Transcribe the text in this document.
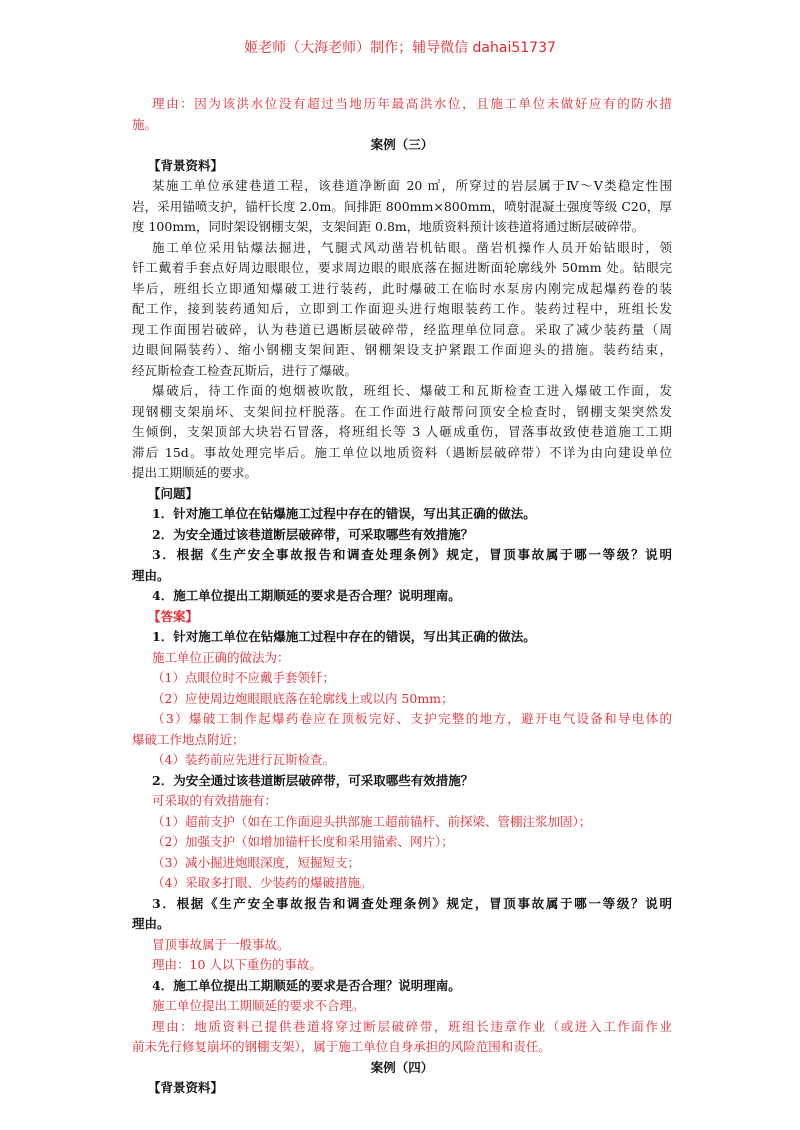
姬老师（大海老师）制作；辅导微信 dahai51737
理由：因为该洪水位没有超过当地历年最高洪水位，且施工单位未做好应有的防水措
施。
案例（三）
【背景资料】
某施工单位承建巷道工程，该巷道净断面 20 ㎡，所穿过的岩层属于Ⅳ～Ⅴ类稳定性围
岩，采用锚喷支护，锚杆长度 2.0m。间排距 800mm×800mm，喷射混凝土强度等级 C20，厚
度 100mm，同时架设钢棚支架，支架间距 0.8m，地质资料预计该巷道将通过断层破碎带。
施工单位采用钻爆法掘进，气腿式风动凿岩机钻眼。凿岩机操作人员开始钻眼时，领
钎工戴着手套点好周边眼眼位，要求周边眼的眼底落在掘进断面轮廓线外 50mm 处。钻眼完
毕后，班组长立即通知爆破工进行装药，此时爆破工在临时水泵房内刚完成起爆药卷的装
配工作，接到装药通知后，立即到工作面迎头进行炮眼装药工作。装药过程中，班组长发
现工作面围岩破碎，认为巷道已遇断层破碎带，经监理单位同意。采取了减少装药量（周
边眼间隔装药）、缩小钢棚支架间距、钢棚架设支护紧跟工作面迎头的措施。装药结束，
经瓦斯检查工检查瓦斯后，进行了爆破。
爆破后，待工作面的炮烟被吹散，班组长、爆破工和瓦斯检查工进入爆破工作面，发
现钢棚支架崩坏、支架间拉杆脱落。在工作面进行敲帮问顶安全检查时，钢棚支架突然发
生倾倒，支架顶部大块岩石冒落，将班组长等 3 人砸成重伤，冒落事故致使巷道施工工期
滞后 15d。事故处理完毕后。施工单位以地质资料（遇断层破碎带）不详为由向建设单位
提出工期顺延的要求。
【问题】
1．针对施工单位在钻爆施工过程中存在的错误，写出其正确的做法。
2．为安全通过该巷道断层破碎带，可采取哪些有效措施？
3．根据《生产安全事故报告和调查处理条例》规定，冒顶事故属于哪一等级？说明
理由。
4．施工单位提出工期顺延的要求是否合理？说明理南。
【答案】
1．针对施工单位在钻爆施工过程中存在的错误，写出其正确的做法。
施工单位正确的做法为：
（1）点眼位时不应戴手套领钎；
（2）应使周边炮眼眼底落在轮廓线上或以内 50mm；
（3）爆破工制作起爆药卷应在顶板完好、支护完整的地方，避开电气设备和导电体的
爆破工作地点附近；
（4）装药前应先进行瓦斯检查。
2．为安全通过该巷道断层破碎带，可采取哪些有效措施？
可采取的有效措施有：
（1）超前支护（如在工作面迎头拱部施工超前锚杆、前探梁、管棚注浆加固）；
（2）加强支护（如增加锚杆长度和采用锚索、网片）；
（3）减小掘进炮眼深度，短掘短支；
（4）采取多打眼、少装药的爆破措施。
3．根据《生产安全事故报告和调查处理条例》规定，冒顶事故属于哪一等级？说明
理由。
冒顶事故属于一般事故。
理由：10 人以下重伤的事故。
4．施工单位提出工期顺延的要求是否合理？说明理南。
施工单位提出工期顺延的要求不合理。
理由：地质资料已提供巷道将穿过断层破碎带，班组长违章作业（或进入工作面作业
前未先行修复崩坏的钢棚支架），属于施工单位自身承担的风险范围和责任。
案例（四）
【背景资料】
